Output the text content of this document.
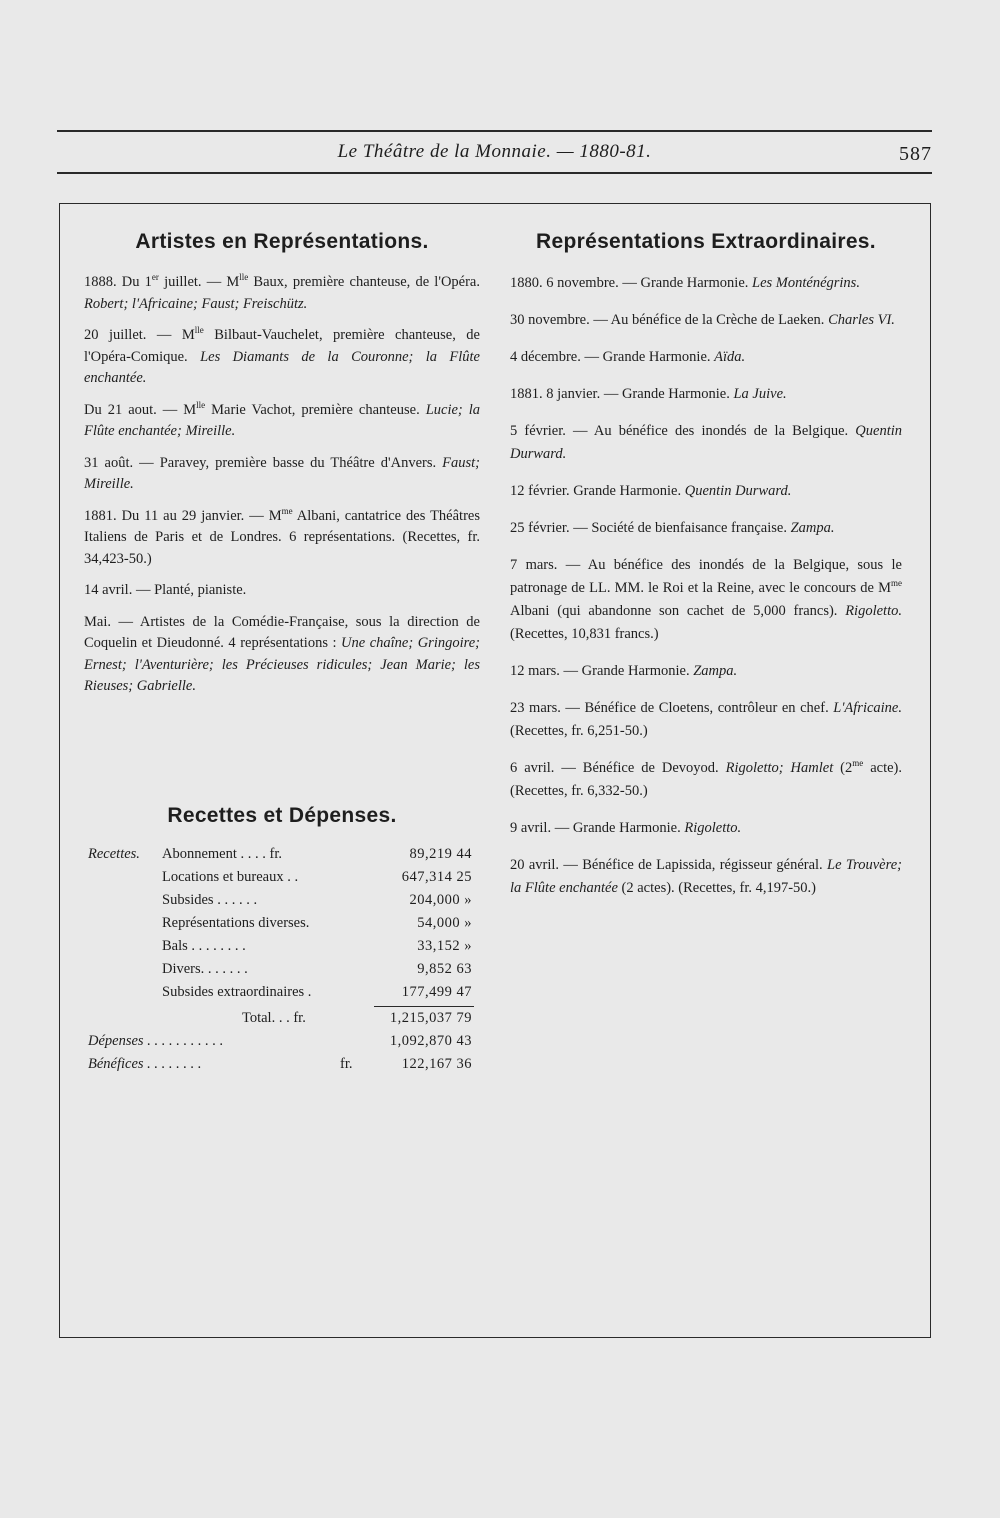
Le Théâtre de la Monnaie. — 1880-81.	587
Artistes en Représentations.

1888. Du 1er juillet. — $M^{lle}$ Baux, première chanteuse, de l'Opéra. Robert; l'Africaine; Faust; Freischütz.

20 juillet. — $M^{lle}$ Bilbaut-Vauchelet, première chanteuse, de l'Opéra-Comique. Les Diamants de la Couronne; la Flûte enchantée.

Du 21 aout. — $M^{lle}$ Marie Vachot, première chanteuse. Lucie; la Flûte enchantée; Mireille.

31 août. — Paravey, première basse du Théâtre d'Anvers. Faust; Mireille.

1881. Du 11 au 29 janvier. — $M^{me}$ Albani, cantatrice des Théâtres Italiens de Paris et de Londres. 6 représentations. (Recettes, fr. 34,423-50.)

14 avril. — Planté, pianiste.

Mai. — Artistes de la Comédie-Française, sous la direction de Coquelin et Dieudonné. 4 représentations : Une chaîne; Gringoire; Ernest; l'Aventurière; les Précieuses ridicules; Jean Marie; les Rieuses; Gabrielle.

Recettes et Dépenses.
Recettes. Abonnement . . . . fr.	89,219 44
Locations et bureaux . .	647,314 25
Subsides . . . . . .	204,000 »
Représentations diverses.	54,000 »
Bals . . . . . . . .	33,152 »
Divers. . . . . . .	9,852 63
Subsides extraordinaires .	177,499 47
Total. . . fr.	1,215,037 79
Dépenses . . . . . . . . . . .	1,092,870 43
Bénéfices . . . . . . . .	fr.	122,167 36
Représentations Extraordinaires.

1880. 6 novembre. — Grande Harmonie. Les Monténégrins.

30 novembre. — Au bénéfice de la Crèche de Laeken. Charles VI.

4 décembre. — Grande Harmonie. Aïda.

1881. 8 janvier. — Grande Harmonie. La Juive.

5 février. — Au bénéfice des inondés de la Belgique. Quentin Durward.

12 février. Grande Harmonie. Quentin Durward.

25 février. — Société de bienfaisance française. Zampa.

7 mars. — Au bénéfice des inondés de la Belgique, sous le patronage de LL. MM. le Roi et la Reine, avec le concours de $M^{me}$ Albani (qui abandonne son cachet de 5,000 francs). Rigoletto. (Recettes, 10,831 francs.)

12 mars. — Grande Harmonie. Zampa.

23 mars. — Bénéfice de Cloetens, contrôleur en chef. L'Africaine. (Recettes, fr. 6,251-50.)

6 avril. — Bénéfice de Devoyod. Rigoletto; Hamlet ($2^{me}$ acte). (Recettes, fr. 6,332-50.)

9 avril. — Grande Harmonie. Rigoletto.

20 avril. — Bénéfice de Lapissida, régisseur général. Le Trouvère; la Flûte enchantée (2 actes). (Recettes, fr. 4,197-50.)
